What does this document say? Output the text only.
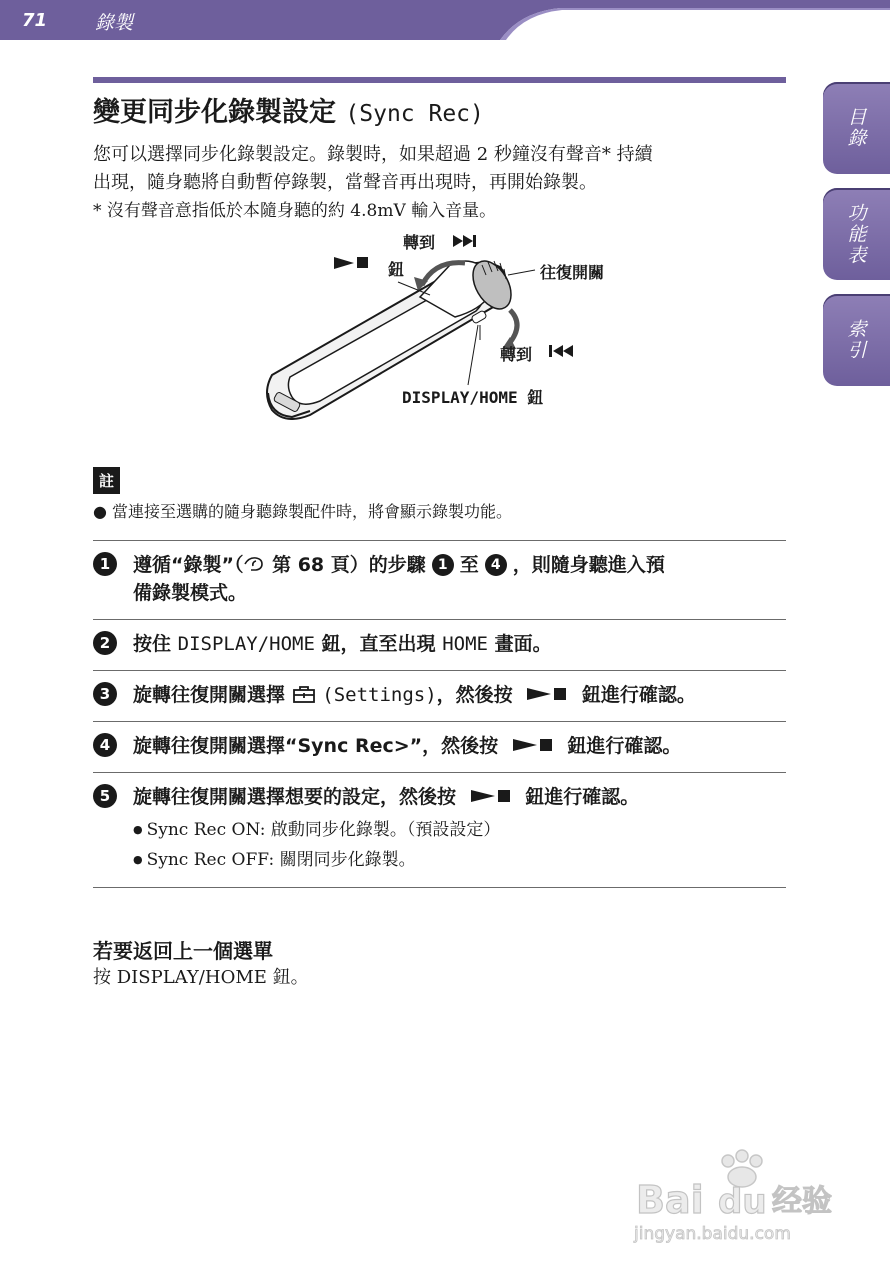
71	錄製
目錄
功能表
索引
變更同步化錄製設定 (Sync Rec)

您可以選擇同步化錄製設定。錄製時，如果超過 2 秒鐘沒有聲音* 持續

出現，隨身聽將自動暫停錄製，當聲音再出現時，再開始錄製。

* 沒有聲音意指低於本隨身聽的約 4.8mV 輸入音量。

轉到
鈕	往復開關
轉到
DISPLAY/HOME 鈕
註
● 當連接至選購的隨身聽錄製配件時，將會顯示錄製功能。
1	遵循“錄製”（ 第 68 頁）的步驟 1 至 4 ，則隨身聽進入預
備錄製模式。
2	按住 DISPLAY/HOME 鈕，直至出現 HOME 畫面。
3	旋轉往復開關選擇 (Settings)，然後按	鈕進行確認。
4	旋轉往復開關選擇“Sync Rec>”，然後按	鈕進行確認。
5	旋轉往復開關選擇想要的設定，然後按	鈕進行確認。
● Sync Rec ON: 啟動同步化錄製。（預設設定）
● Sync Rec OFF: 關閉同步化錄製。
若要返回上一個選單
按 DISPLAY/HOME 鈕。
Bai du 经验
jingyan.baidu.com
